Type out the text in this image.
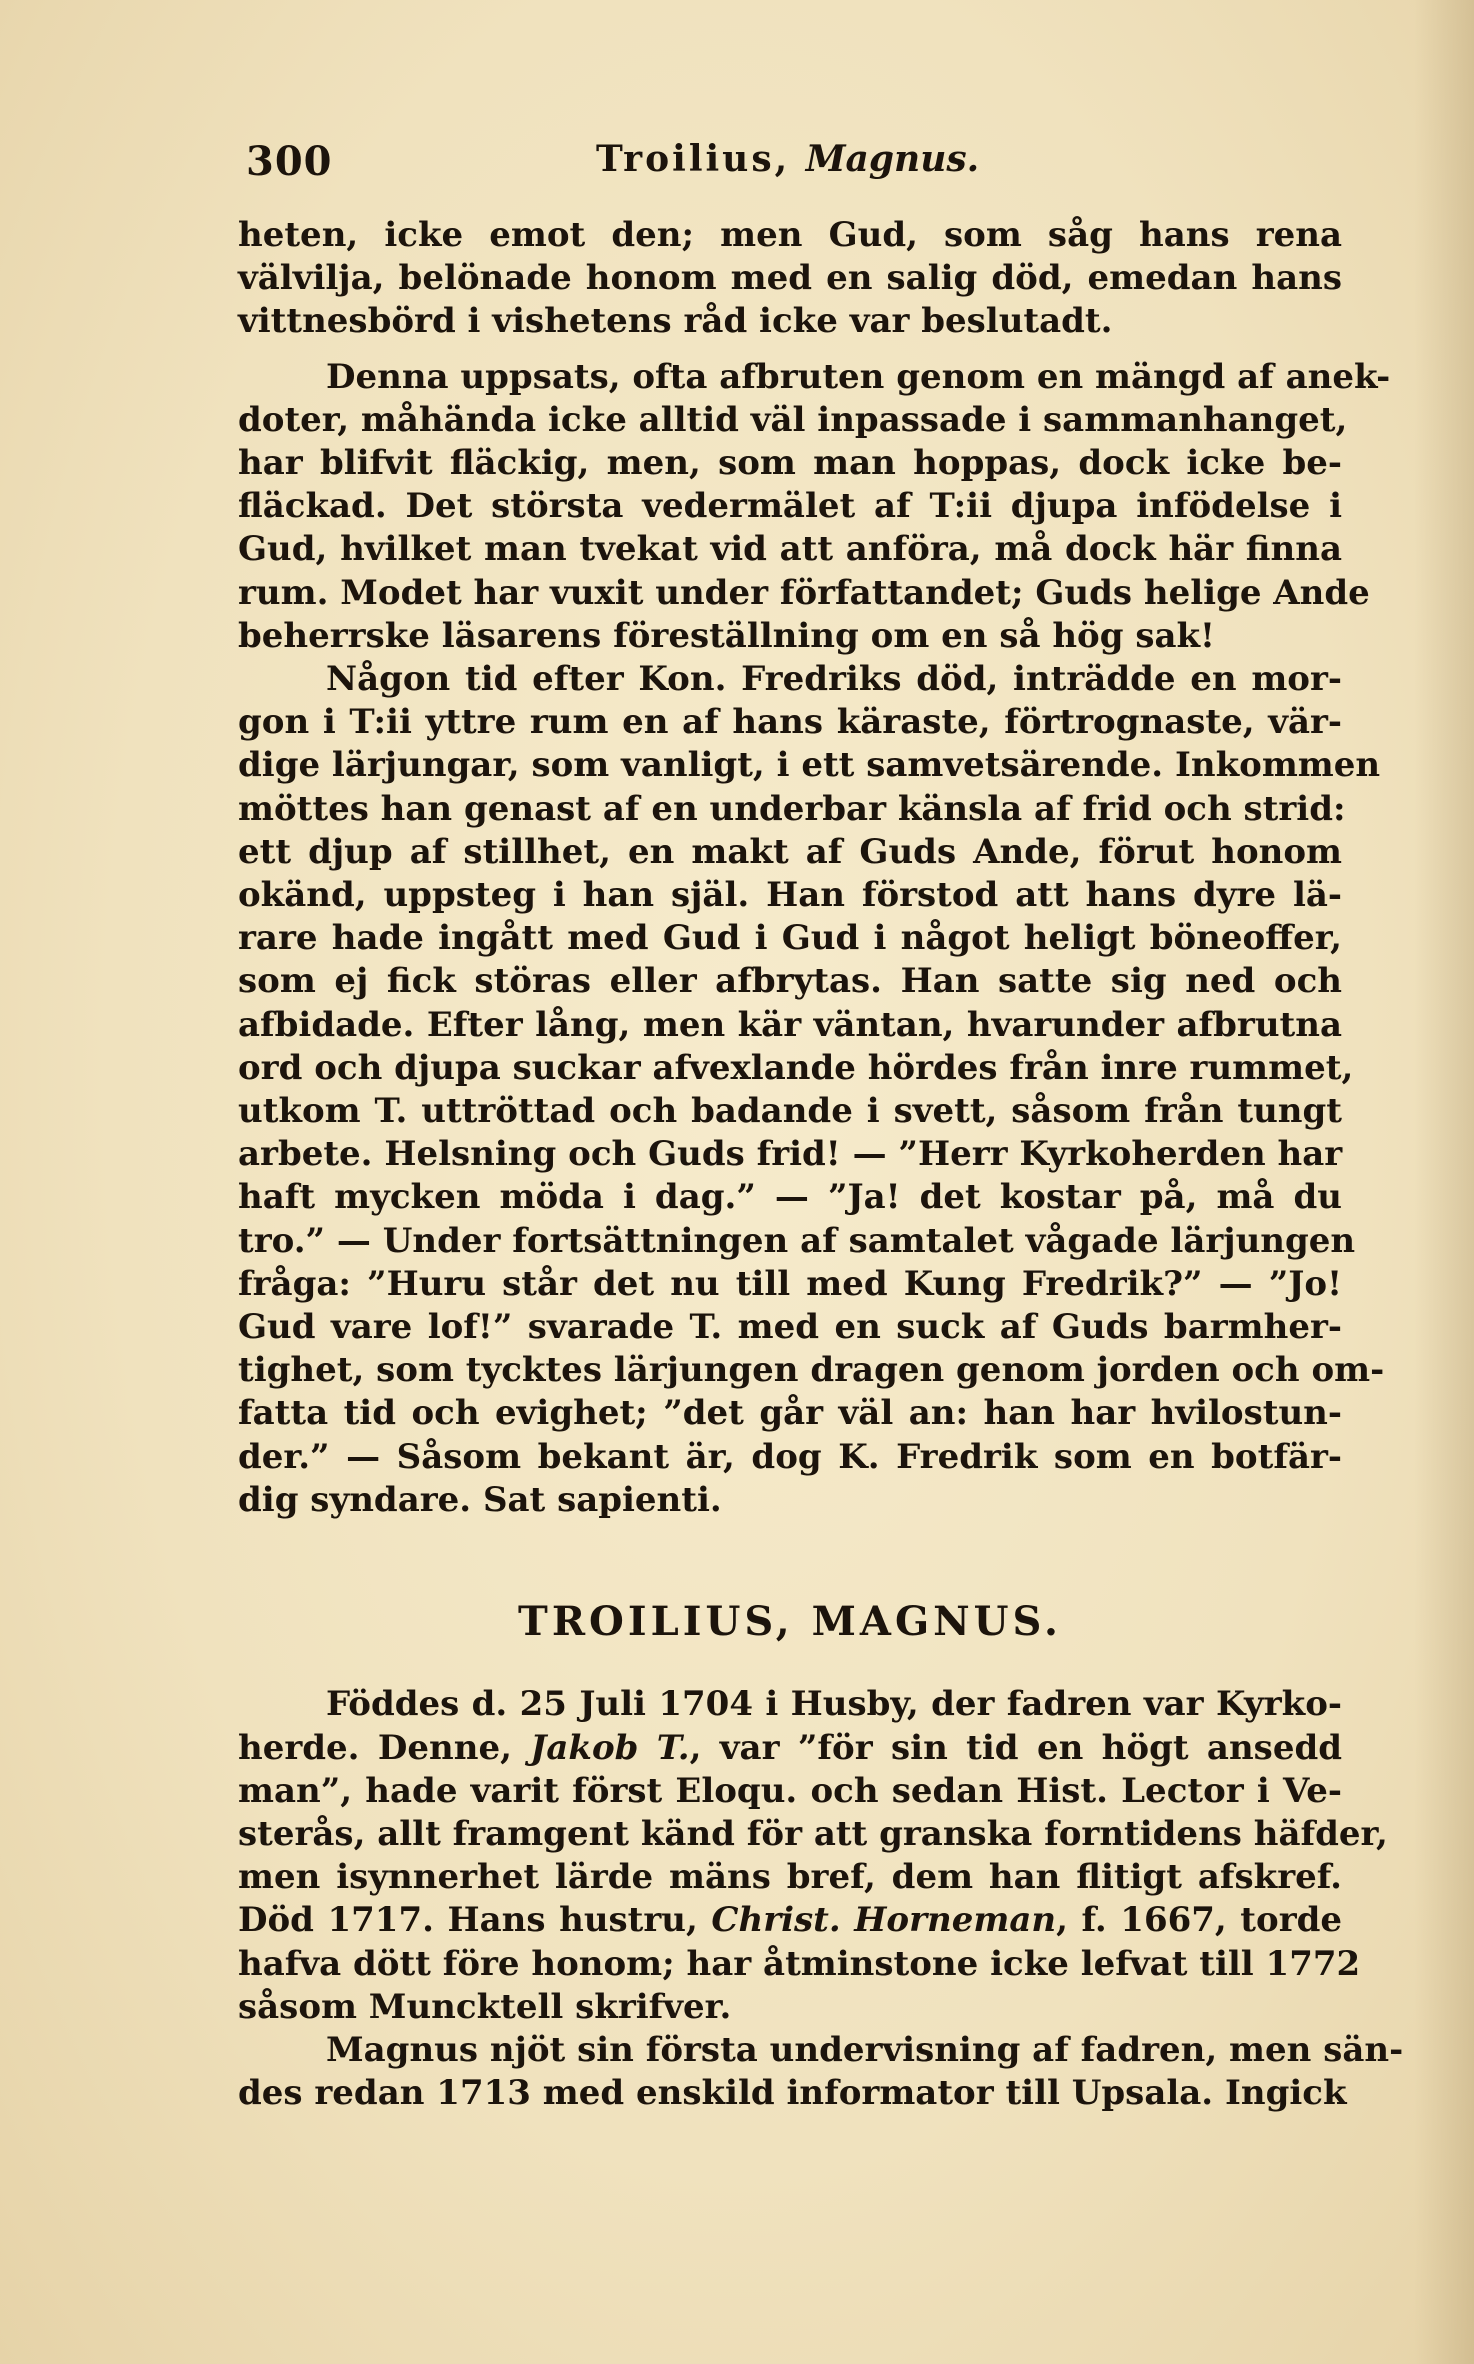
300	Troilius, Magnus.
heten, icke emot den; men Gud, som såg hans rena
välvilja, belönade honom med en salig död, emedan hans
vittnesbörd i vishetens råd icke var beslutadt.
Denna uppsats, ofta afbruten genom en mängd af anek-
doter, måhända icke alltid väl inpassade i sammanhanget,
har blifvit fläckig, men, som man hoppas, dock icke be-
fläckad. Det största vedermälet af T:ii djupa infödelse i
Gud, hvilket man tvekat vid att anföra, må dock här finna
rum. Modet har vuxit under författandet; Guds helige Ande
beherrske läsarens föreställning om en så hög sak!
Någon tid efter Kon. Fredriks död, inträdde en mor-
gon i T:ii yttre rum en af hans käraste, förtrognaste, vär-
dige lärjungar, som vanligt, i ett samvetsärende. Inkommen
möttes han genast af en underbar känsla af frid och strid:
ett djup af stillhet, en makt af Guds Ande, förut honom
okänd, uppsteg i han själ. Han förstod att hans dyre lä-
rare hade ingått med Gud i Gud i något heligt böneoffer,
som ej fick störas eller afbrytas. Han satte sig ned och
afbidade. Efter lång, men kär väntan, hvarunder afbrutna
ord och djupa suckar afvexlande hördes från inre rummet,
utkom T. uttröttad och badande i svett, såsom från tungt
arbete. Helsning och Guds frid! — ”Herr Kyrkoherden har
haft mycken möda i dag.” — ”Ja! det kostar på, må du
tro.” — Under fortsättningen af samtalet vågade lärjungen
fråga: ”Huru står det nu till med Kung Fredrik?” — ”Jo!
Gud vare lof!” svarade T. med en suck af Guds barmher-
tighet, som tycktes lärjungen dragen genom jorden och om-
fatta tid och evighet; ”det går väl an: han har hvilostun-
der.” — Såsom bekant är, dog K. Fredrik som en botfär-
dig syndare. Sat sapienti.
TROILIUS, MAGNUS.
Föddes d. 25 Juli 1704 i Husby, der fadren var Kyrko-
herde. Denne, Jakob T., var ”för sin tid en högt ansedd
man”, hade varit först Eloqu. och sedan Hist. Lector i Ve-
sterås, allt framgent känd för att granska forntidens häfder,
men isynnerhet lärde mäns bref, dem han flitigt afskref.
Död 1717. Hans hustru, Christ. Horneman, f. 1667, torde
hafva dött före honom; har åtminstone icke lefvat till 1772
såsom Muncktell skrifver.
Magnus njöt sin första undervisning af fadren, men sän-
des redan 1713 med enskild informator till Upsala. Ingick
